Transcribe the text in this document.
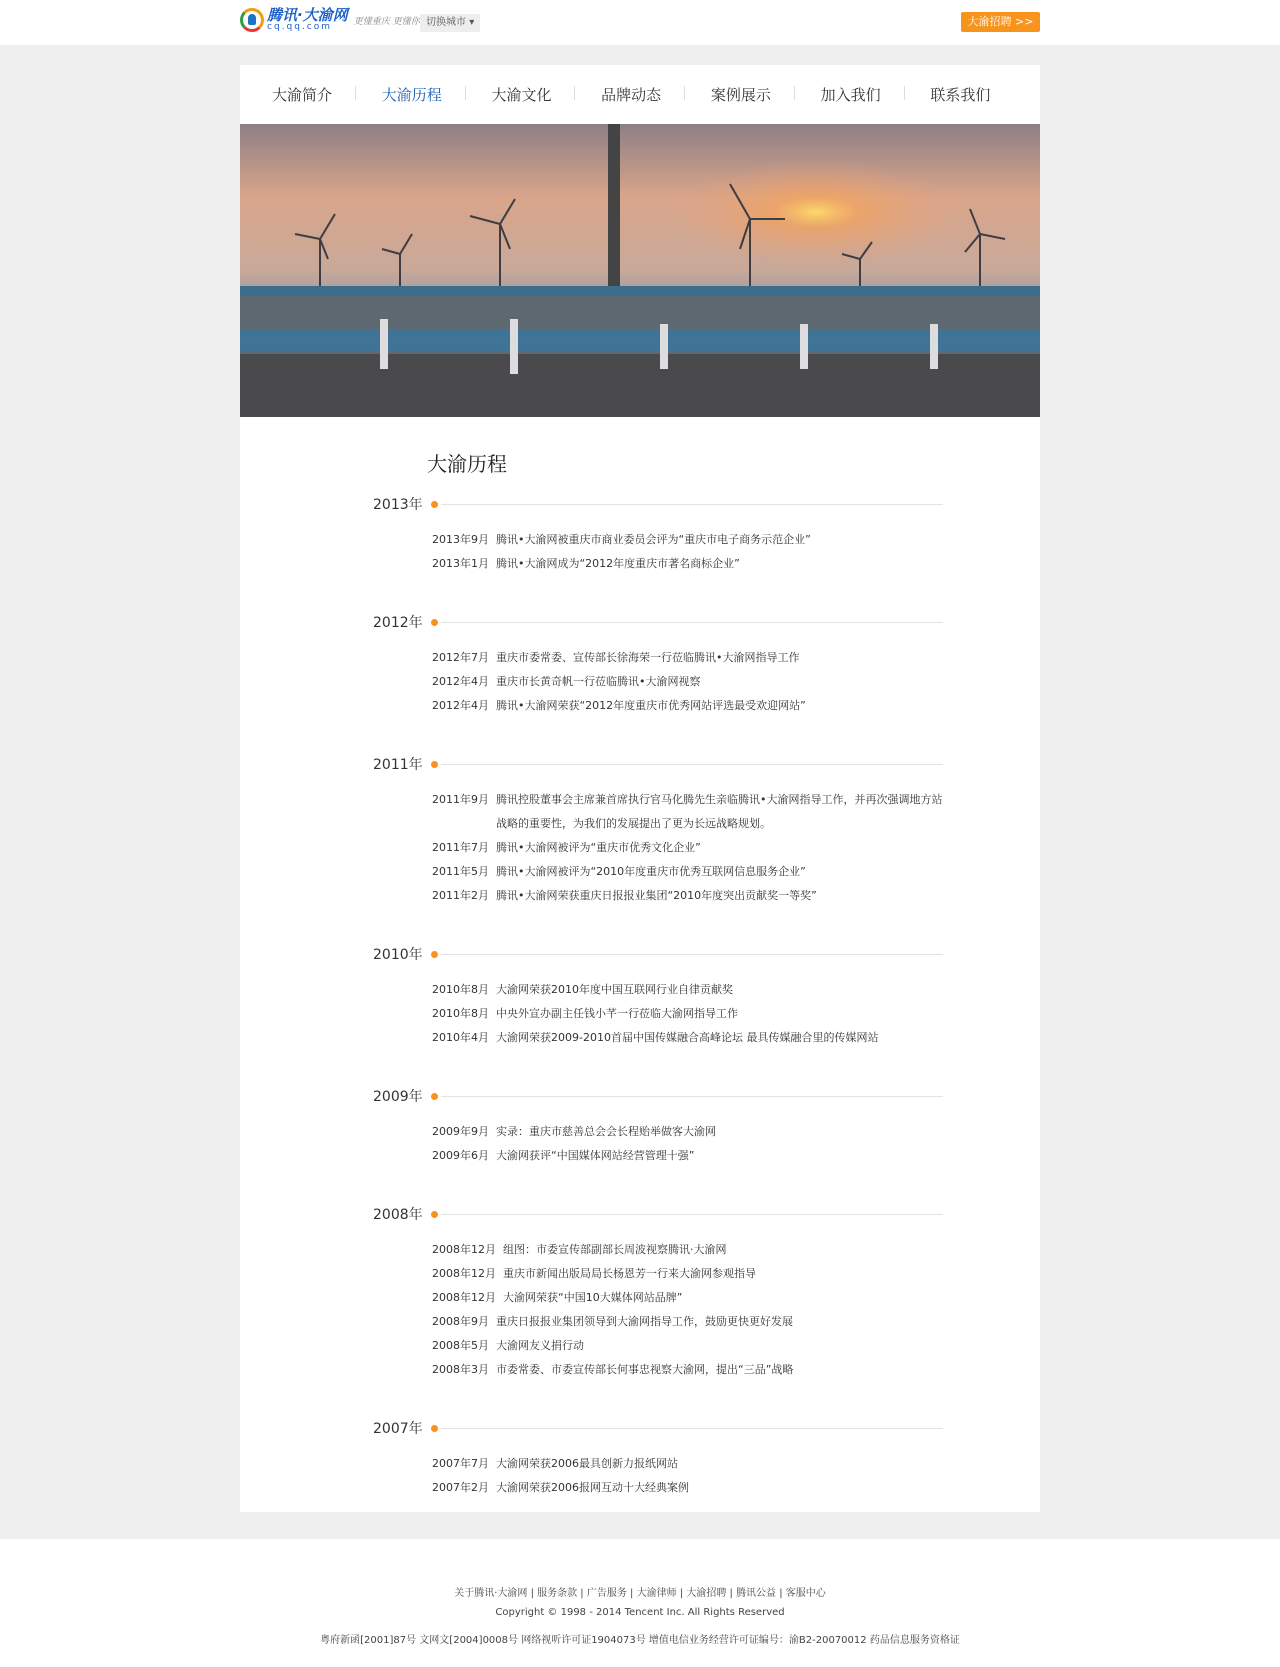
腾讯·大渝网
cq.qq.com
更懂重庆 更懂你 切换城市 ▾	大渝招聘 >>
大渝简介	大渝历程	大渝文化	品牌动态	案例展示	加入我们	联系我们
大渝历程
2013年
2013年9月 腾讯•大渝网被重庆市商业委员会评为“重庆市电子商务示范企业”
2013年1月 腾讯•大渝网成为“2012年度重庆市著名商标企业”
2012年
2012年7月 重庆市委常委、宣传部长徐海荣一行莅临腾讯•大渝网指导工作
2012年4月 重庆市长黄奇帆一行莅临腾讯•大渝网视察
2012年4月 腾讯•大渝网荣获“2012年度重庆市优秀网站评选最受欢迎网站”
2011年
2011年9月 腾讯控股董事会主席兼首席执行官马化腾先生亲临腾讯•大渝网指导工作，并再次强调地方站战略的重要性，为我们的发展提出了更为长远战略规划。
2011年7月 腾讯•大渝网被评为“重庆市优秀文化企业”
2011年5月 腾讯•大渝网被评为“2010年度重庆市优秀互联网信息服务企业”
2011年2月 腾讯•大渝网荣获重庆日报报业集团“2010年度突出贡献奖一等奖”
2010年
2010年8月 大渝网荣获2010年度中国互联网行业自律贡献奖
2010年8月 中央外宣办副主任钱小芊一行莅临大渝网指导工作
2010年4月 大渝网荣获2009-2010首届中国传媒融合高峰论坛 最具传媒融合里的传媒网站
2009年
2009年9月 实录：重庆市慈善总会会长程贻举做客大渝网
2009年6月 大渝网获评“中国媒体网站经营管理十强”
2008年
2008年12月 组图：市委宣传部副部长周波视察腾讯·大渝网
2008年12月 重庆市新闻出版局局长杨恩芳一行来大渝网参观指导
2008年12月 大渝网荣获“中国10大媒体网站品牌”
2008年9月 重庆日报报业集团领导到大渝网指导工作，鼓励更快更好发展
2008年5月 大渝网友义捐行动
2008年3月 市委常委、市委宣传部长何事忠视察大渝网，提出“三品”战略
2007年
2007年7月 大渝网荣获2006最具创新力报纸网站
2007年2月 大渝网荣获2006报网互动十大经典案例

关于腾讯·大渝网 | 服务条款 | 广告服务 | 大渝律师 | 大渝招聘 | 腾讯公益 | 客服中心

Copyright © 1998 - 2014 Tencent Inc. All Rights Reserved

粤府新函[2001]87号 文网文[2004]0008号 网络视听许可证1904073号 增值电信业务经营许可证编号：渝B2-20070012 药品信息服务资格证
